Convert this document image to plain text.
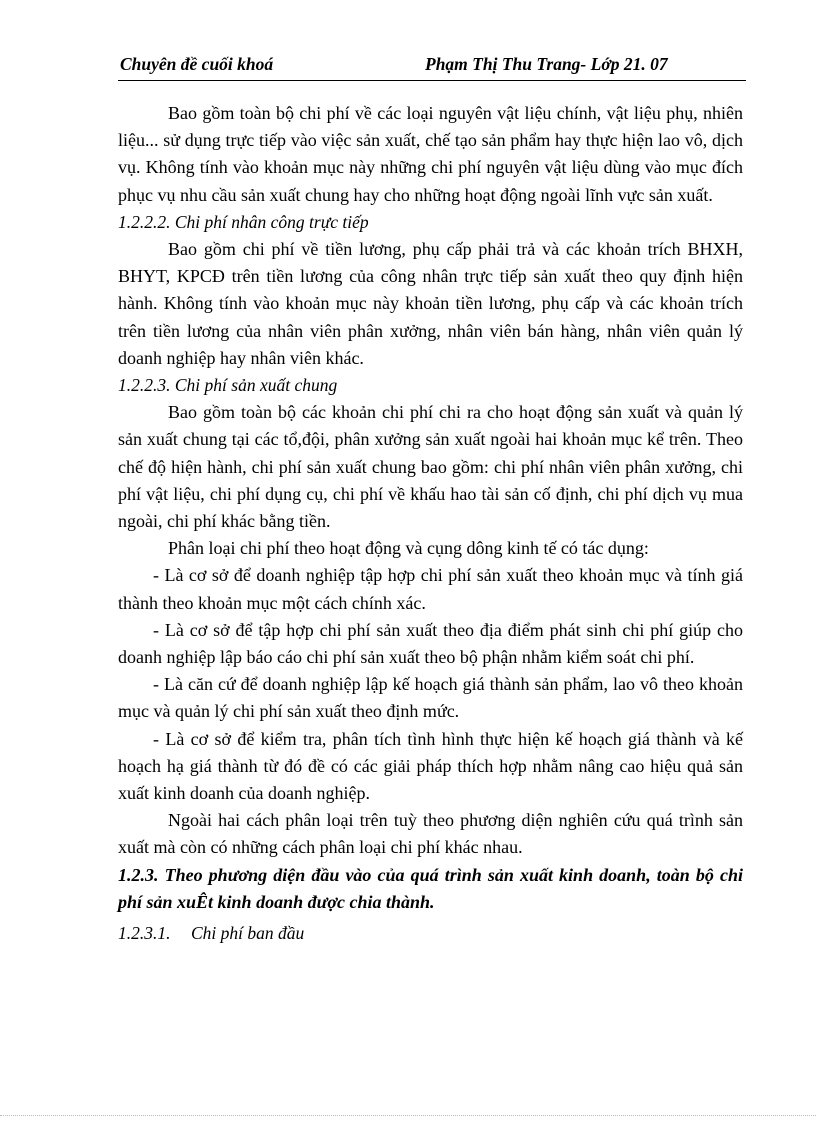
Chuyên đề cuối khoá	Phạm Thị Thu Trang- Lớp 21. 07

Bao gồm toàn bộ chi phí về các loại nguyên vật liệu chính, vật liệu phụ, nhiên liệu... sử dụng trực tiếp vào việc sản xuất, chế tạo sản phẩm hay thực hiện lao vô, dịch vụ. Không tính vào khoản mục này những chi phí nguyên vật liệu dùng vào mục đích phục vụ nhu cầu sản xuất chung hay cho những hoạt động ngoài lĩnh vực sản xuất.

1.2.2.2. Chi phí nhân công trực tiếp

Bao gồm chi phí về tiền lương, phụ cấp phải trả và các khoản trích BHXH, BHYT, KPCĐ trên tiền lương của công nhân trực tiếp sản xuất theo quy định hiện hành. Không tính vào khoản mục này khoản tiền lương, phụ cấp và các khoản trích trên tiền lương của nhân viên phân xưởng, nhân viên bán hàng, nhân viên quản lý doanh nghiệp hay nhân viên khác.

1.2.2.3. Chi phí sản xuất chung

Bao gồm toàn bộ các khoản chi phí chi ra cho hoạt động sản xuất và quản lý sản xuất chung tại các tổ,đội, phân xưởng sản xuất ngoài hai khoản mục kể trên. Theo chế độ hiện hành, chi phí sản xuất chung bao gồm: chi phí nhân viên phân xưởng, chi phí vật liệu, chi phí dụng cụ, chi phí về khấu hao tài sản cố định, chi phí dịch vụ mua ngoài, chi phí khác bằng tiền.

Phân loại chi phí theo hoạt động và cụng dông kinh tế có tác dụng:

- Là cơ sở để doanh nghiệp tập hợp chi phí sản xuất theo khoản mục và tính giá thành theo khoản mục một cách chính xác.

- Là cơ sở để tập hợp chi phí sản xuất theo địa điểm phát sinh chi phí giúp cho doanh nghiệp lập báo cáo chi phí sản xuất theo bộ phận nhằm kiểm soát chi phí.

- Là căn cứ để doanh nghiệp lập kế hoạch giá thành sản phẩm, lao vô theo khoản mục và quản lý chi phí sản xuất theo định mức.

- Là cơ sở để kiểm tra, phân tích tình hình thực hiện kế hoạch giá thành và kế hoạch hạ giá thành từ đó đề có các giải pháp thích hợp nhằm nâng cao hiệu quả sản xuất kinh doanh của doanh nghiệp.

Ngoài hai cách phân loại trên tuỳ theo phương diện nghiên cứu quá trình sản xuất mà còn có những cách phân loại chi phí khác nhau.

1.2.3. Theo phương diện đầu vào của quá trình sản xuất kinh doanh, toàn bộ chi phí sản xuÊt kinh doanh được chia thành.

1.2.3.1. Chi phí ban đầu
